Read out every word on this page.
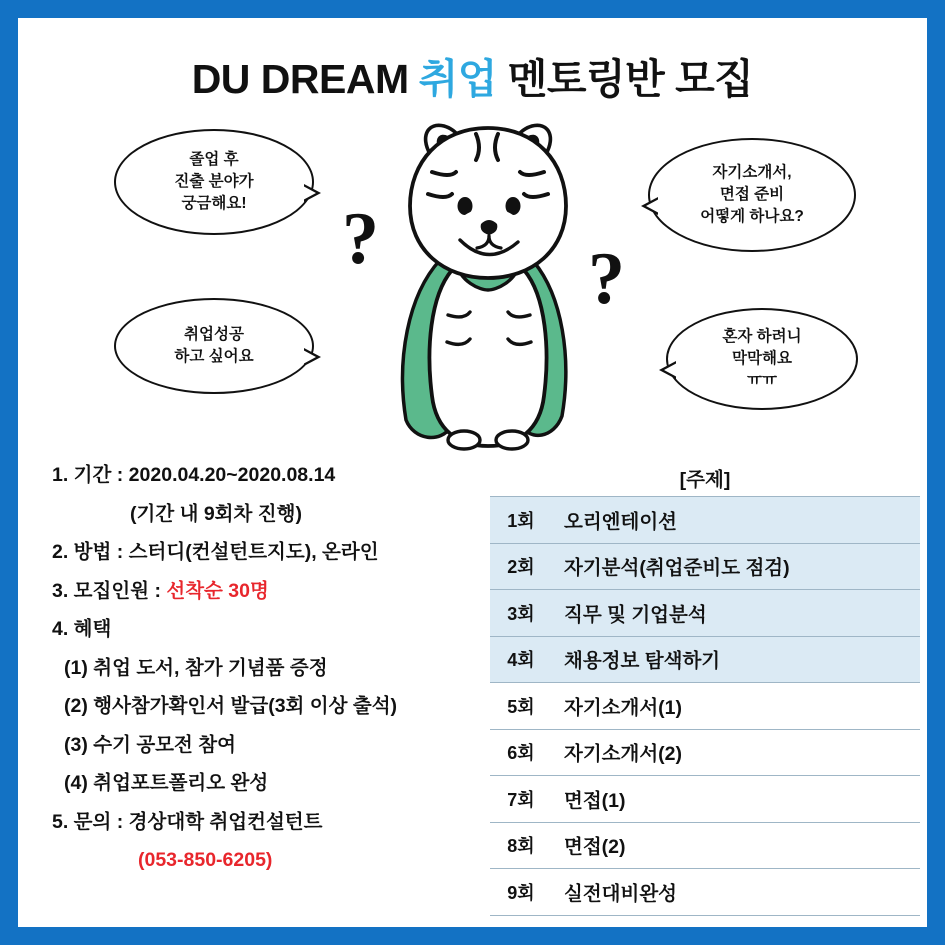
DU DREAM 취업 멘토링반 모집
졸업 후
진출 분야가
궁금해요!
취업성공
하고 싶어요
자기소개서,
면접 준비
어떻게 하나요?
혼자 하려니
막막해요
ㅠㅠ
?	?
1. 기간 : 2020.04.20~2020.08.14
(기간 내 9회차 진행)
2. 방법 : 스터디(컨설턴트지도), 온라인
3. 모집인원 : 선착순 30명
4. 혜택
(1) 취업 도서, 참가 기념품 증정
(2) 행사참가확인서 발급(3회 이상 출석)
(3) 수기 공모전 참여
(4) 취업포트폴리오 완성
5. 문의 : 경상대학 취업컨설턴트
(053-850-6205)
[주제]
1회	오리엔테이션
2회	자기분석(취업준비도 점검)
3회	직무 및 기업분석
4회	채용정보 탐색하기
5회	자기소개서(1)
6회	자기소개서(2)
7회	면접(1)
8회	면접(2)
9회	실전대비완성
